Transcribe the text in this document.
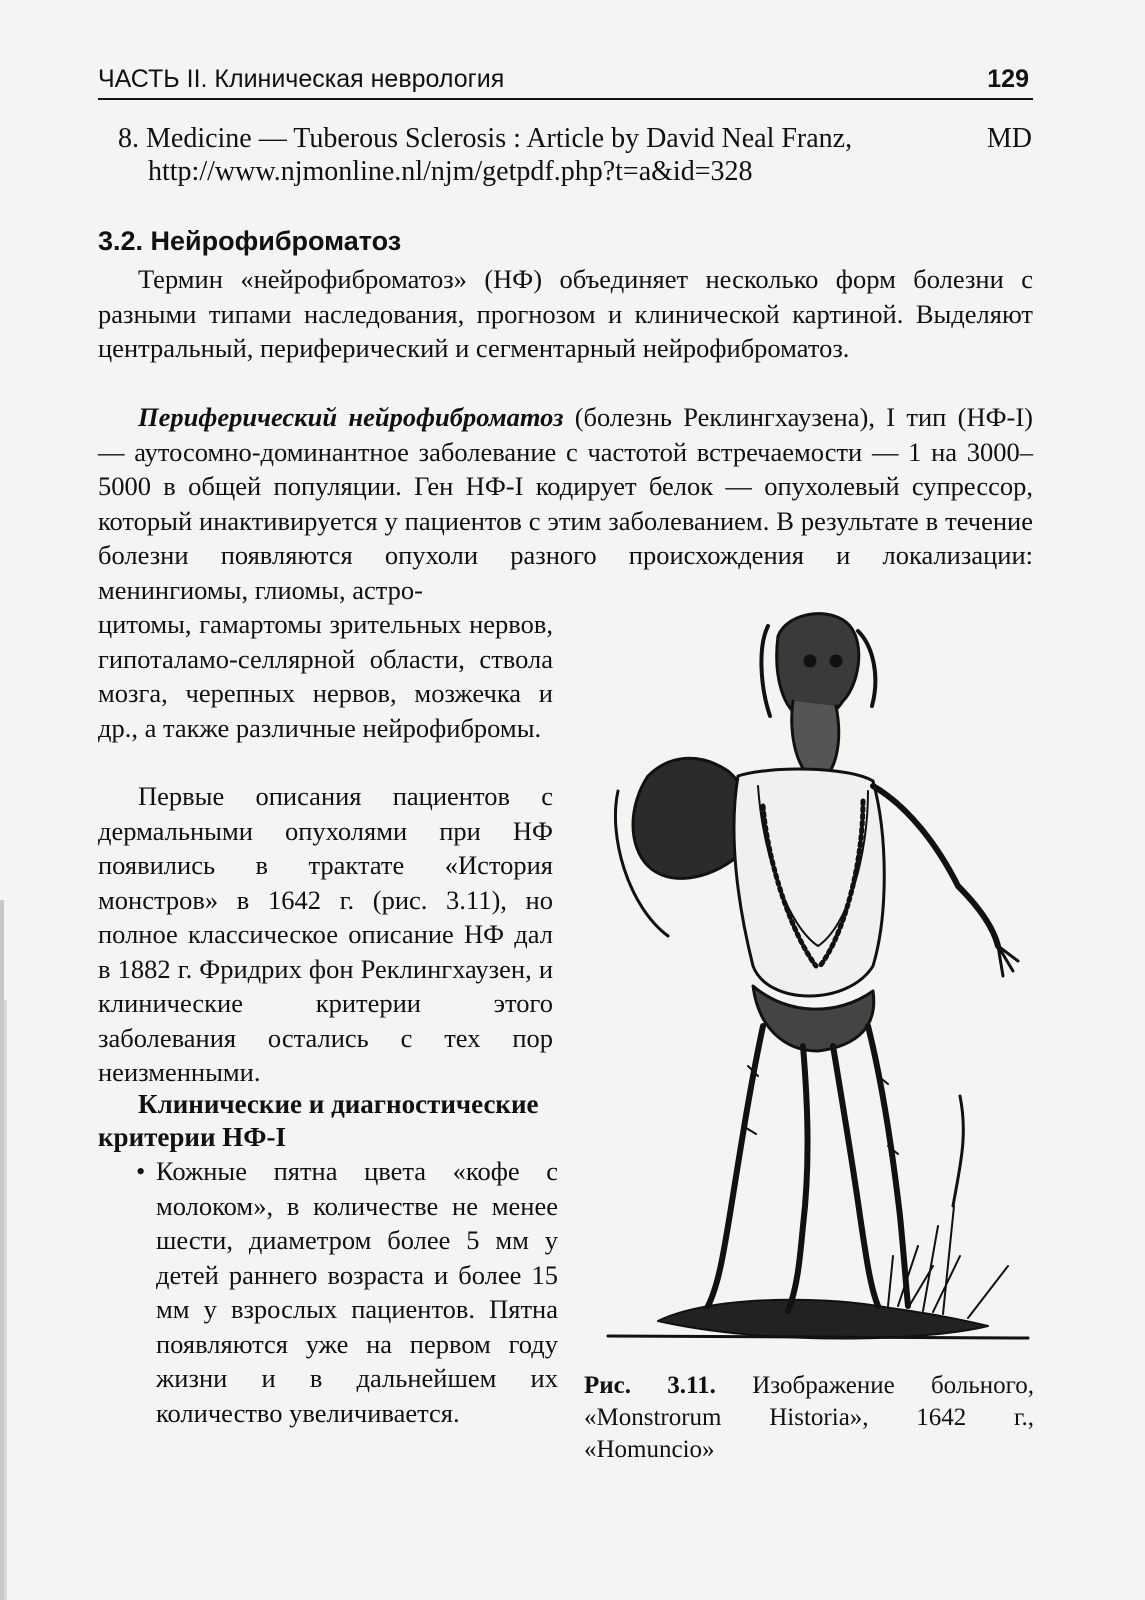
ЧАСТЬ II. Клиническая неврология	129
8. Medicine — Tuberous Sclerosis : Article by David Neal Franz,	MD
http://www.njmonline.nl/njm/getpdf.php?t=a&id=328
3.2. Нейрофиброматоз

Термин «нейрофиброматоз» (НФ) объединяет несколько форм болезни с разными типами наследования, прогнозом и клинической картиной. Выделяют центральный, периферический и сегментарный нейрофиброматоз.

Периферический нейрофиброматоз (болезнь Реклингхаузена), I тип (НФ-I) — аутосомно-доминантное заболевание с частотой встречаемости — 1 на 3000–5000 в общей популяции. Ген НФ-I кодирует белок — опухолевый супрессор, который инактивируется у пациентов с этим заболеванием. В результате в течение болезни появляются опухоли разного происхождения и локализации: менингиомы, глиомы, астро-
цитомы, гамартомы зрительных нервов, гипоталамо-селлярной области, ствола мозга, черепных нервов, мозжечка и др., а также различные нейрофибромы.

Первые описания пациентов с дермальными опухолями при НФ появились в трактате «История монстров» в 1642 г. (рис. 3.11), но полное классическое описание НФ дал в 1882 г. Фридрих фон Реклингхаузен, и клинические критерии этого заболевания остались с тех пор неизменными.

Клинические и диагностические критерии НФ-I
• Кожные пятна цвета «кофе с молоком», в количестве не менее шести, диаметром более 5 мм у детей раннего возраста и более 15 мм у взрослых пациентов. Пятна появляются уже на первом году жизни и в дальнейшем их количество увеличивается.
Рис. 3.11. Изображение больного, «Monstrorum Historia», 1642 г., «Homuncio»
